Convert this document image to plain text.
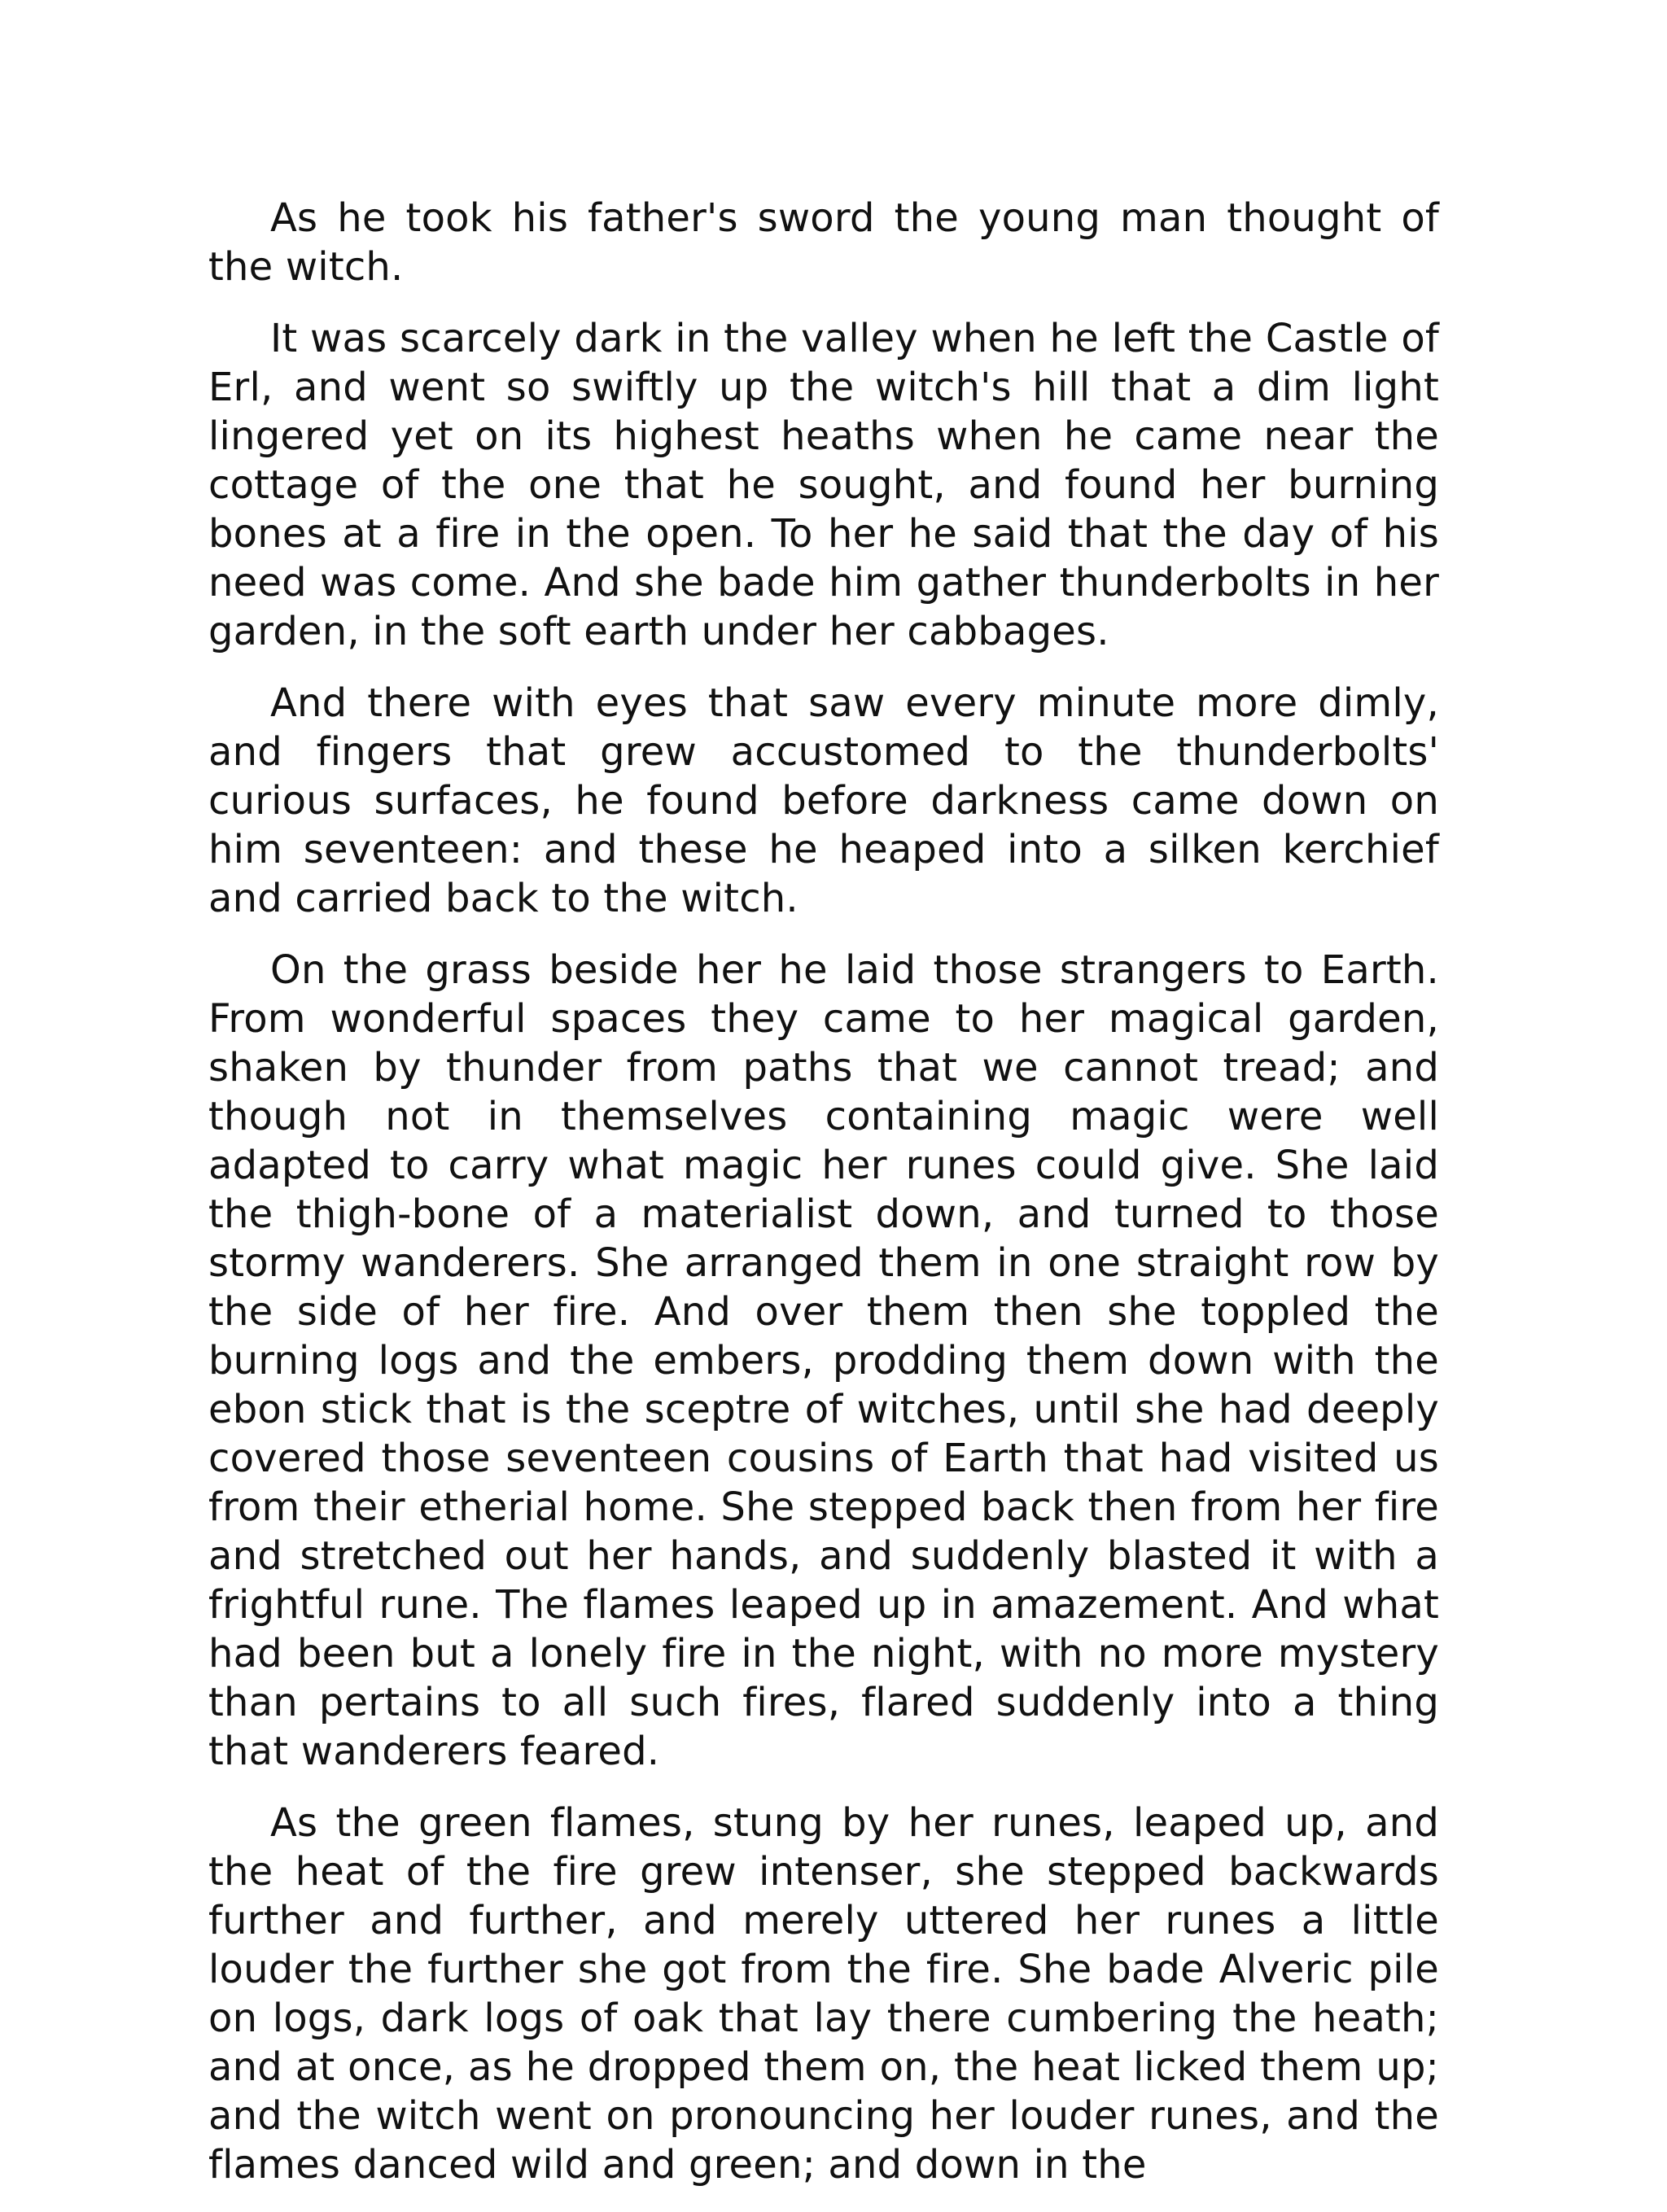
As he took his father's sword the young man thought of the witch.

It was scarcely dark in the valley when he left the Castle of Erl, and went so swiftly up the witch's hill that a dim light lingered yet on its highest heaths when he came near the cottage of the one that he sought, and found her burning bones at a fire in the open. To her he said that the day of his need was come. And she bade him gather thunderbolts in her garden, in the soft earth under her cabbages.

And there with eyes that saw every minute more dimly, and fingers that grew accustomed to the thunderbolts' curious surfaces, he found before darkness came down on him seventeen: and these he heaped into a silken kerchief and carried back to the witch.

On the grass beside her he laid those strangers to Earth. From wonderful spaces they came to her magical garden, shaken by thunder from paths that we cannot tread; and though not in themselves containing magic were well adapted to carry what magic her runes could give. She laid the thigh-bone of a materialist down, and turned to those stormy wanderers. She arranged them in one straight row by the side of her fire. And over them then she toppled the burning logs and the embers, prodding them down with the ebon stick that is the sceptre of witches, until she had deeply covered those seventeen cousins of Earth that had visited us from their etherial home. She stepped back then from her fire and stretched out her hands, and suddenly blasted it with a frightful rune. The flames leaped up in amazement. And what had been but a lonely fire in the night, with no more mystery than pertains to all such fires, flared suddenly into a thing that wanderers feared.

As the green flames, stung by her runes, leaped up, and the heat of the fire grew intenser, she stepped backwards further and further, and merely uttered her runes a little louder the further she got from the fire. She bade Alveric pile on logs, dark logs of oak that lay there cumbering the heath; and at once, as he dropped them on, the heat licked them up; and the witch went on pronouncing her louder runes, and the flames danced wild and green; and down in the
